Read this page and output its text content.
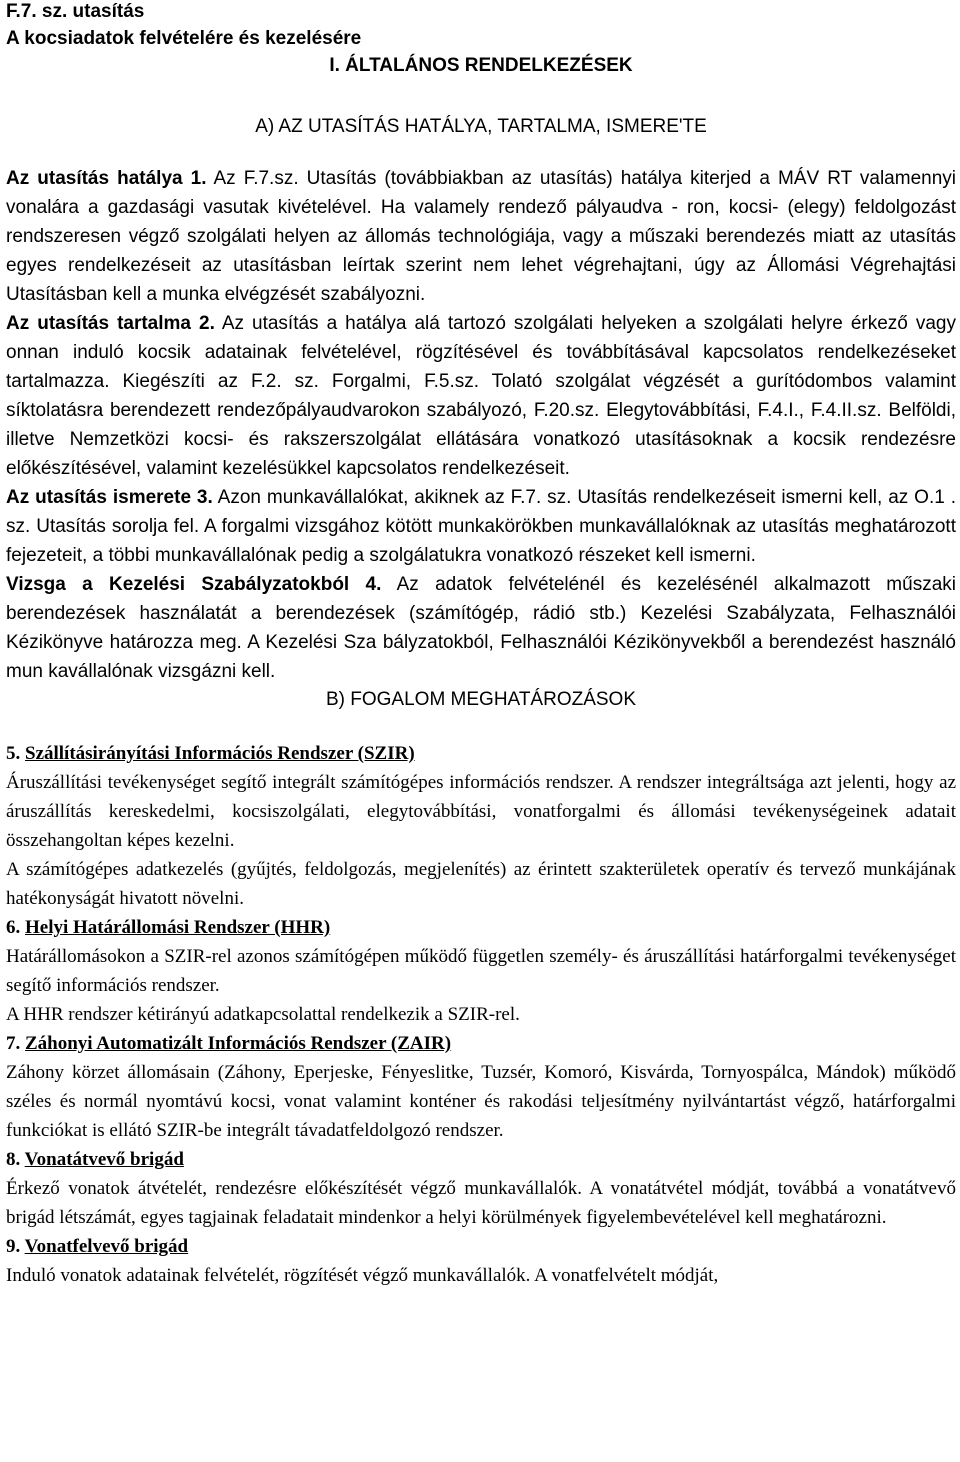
F.7. sz. utasítás
A kocsiadatok felvételére és kezelésére
I. ÁLTALÁNOS RENDELKEZÉSEK
A) AZ UTASÍTÁS HATÁLYA, TARTALMA, ISMERE'TE

Az utasítás hatálya 1. Az F.7.sz. Utasítás (továbbiakban az utasítás) hatálya kiterjed a MÁV RT valamennyi vonalára a gazdasági vasutak kivételével. Ha valamely rendező pályaudva - ron, kocsi- (elegy) feldolgozást rendszeresen végző szolgálati helyen az állomás technológiája, vagy a műszaki berendezés miatt az utasítás egyes rendelkezéseit az utasításban leírtak szerint nem lehet végrehajtani, úgy az Állomási Végrehajtási Utasításban kell a munka elvégzését szabályozni.

Az utasítás tartalma 2. Az utasítás a hatálya alá tartozó szolgálati helyeken a szolgálati helyre érkező vagy onnan induló kocsik adatainak felvételével, rögzítésével és továbbításával kapcsolatos rendelkezéseket tartalmazza. Kiegészíti az F.2. sz. Forgalmi, F.5.sz. Tolató szolgálat végzését a gurítódombos valamint síktolatásra berendezett rendezőpályaudvarokon szabályozó, F.20.sz. Elegytovábbítási, F.4.I., F.4.II.sz. Belföldi, illetve Nemzetközi kocsi- és rakszerszolgálat ellátására vonatkozó utasításoknak a kocsik rendezésre előkészítésével, valamint kezelésükkel kapcsolatos rendelkezéseit.

Az utasítás ismerete 3. Azon munkavállalókat, akiknek az F.7. sz. Utasítás rendelkezéseit ismerni kell, az O.1 . sz. Utasítás sorolja fel. A forgalmi vizsgához kötött munkakörökben munkavállalóknak az utasítás meghatározott fejezeteit, a többi munkavállalónak pedig a szolgálatukra vonatkozó részeket kell ismerni.

Vizsga a Kezelési Szabályzatokból 4. Az adatok felvételénél és kezelésénél alkalmazott műszaki berendezések használatát a berendezések (számítógép, rádió stb.) Kezelési Szabályzata, Felhasználói Kézikönyve határozza meg. A Kezelési Sza bályzatokból, Felhasználói Kézikönyvekből a berendezést használó mun kavállalónak vizsgázni kell.

B) FOGALOM MEGHATÁROZÁSOK

5. Szállításirányítási Információs Rendszer (SZIR)

Áruszállítási tevékenységet segítő integrált számítógépes információs rendszer. A rendszer integráltsága azt jelenti, hogy az áruszállítás kereskedelmi, kocsiszolgálati, elegytovábbítási, vonatforgalmi és állomási tevékenységeinek adatait összehangoltan képes kezelni.

A számítógépes adatkezelés (gyűjtés, feldolgozás, megjelenítés) az érintett szakterületek operatív és tervező munkájának hatékonyságát hivatott növelni.

6. Helyi Határállomási Rendszer (HHR)

Határállomásokon a SZIR-rel azonos számítógépen működő független személy- és áruszállítási határforgalmi tevékenységet segítő információs rendszer.

A HHR rendszer kétirányú adatkapcsolattal rendelkezik a SZIR-rel.

7. Záhonyi Automatizált Információs Rendszer (ZAIR)

Záhony körzet állomásain (Záhony, Eperjeske, Fényeslitke, Tuzsér, Komoró, Kisvárda, Tornyospálca, Mándok) működő széles és normál nyomtávú kocsi, vonat valamint konténer és rakodási teljesítmény nyilvántartást végző, határforgalmi funkciókat is ellátó SZIR-be integrált távadatfeldolgozó rendszer.

8. Vonatátvevő brigád

Érkező vonatok átvételét, rendezésre előkészítését végző munkavállalók. A vonatátvétel módját, továbbá a vonatátvevő brigád létszámát, egyes tagjainak feladatait mindenkor a helyi körülmények figyelembevételével kell meghatározni.

9. Vonatfelvevő brigád

Induló vonatok adatainak felvételét, rögzítését végző munkavállalók. A vonatfelvételt módját,
